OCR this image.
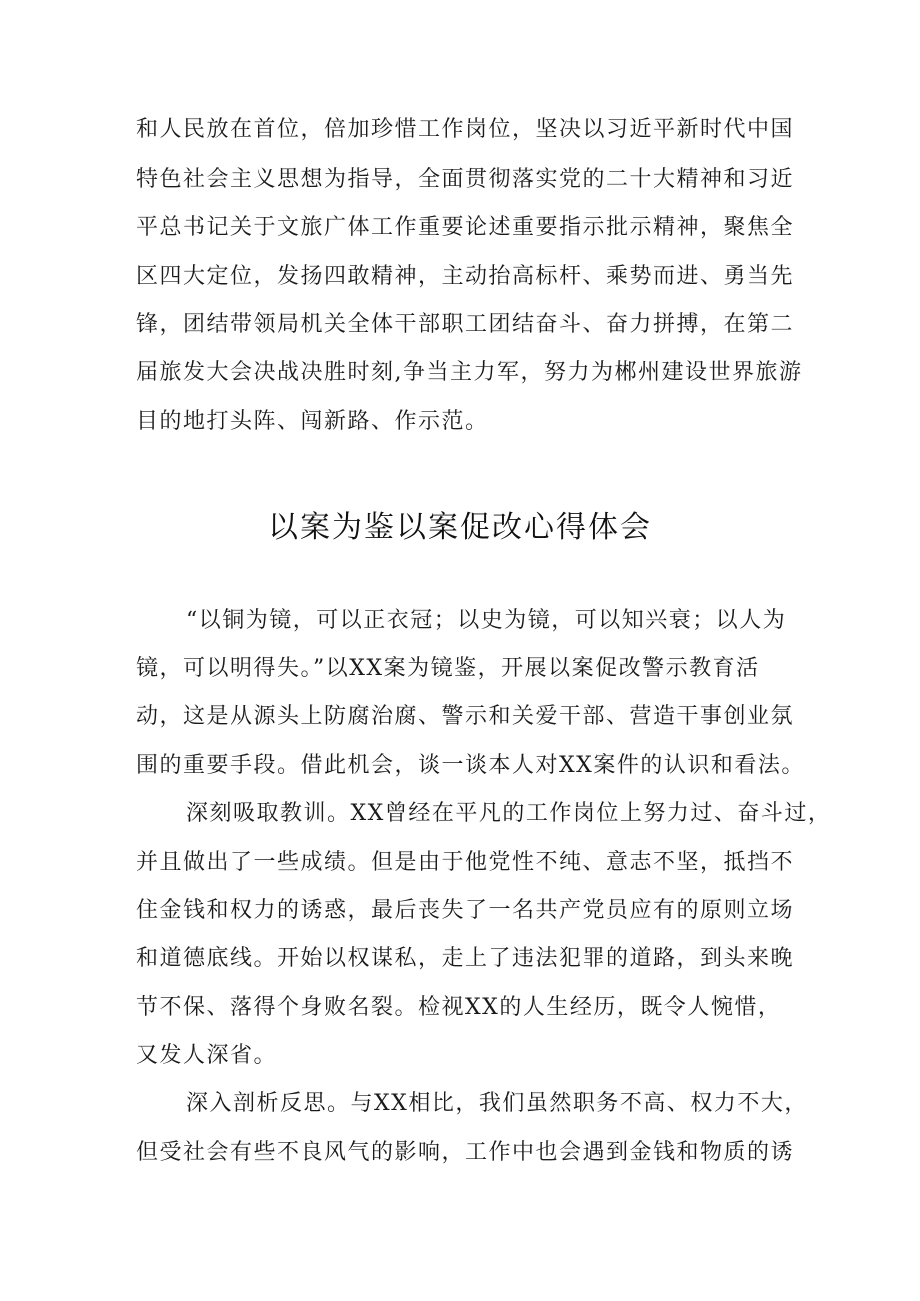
和人民放在首位，倍加珍惜工作岗位，坚决以习近平新时代中国
特色社会主义思想为指导，全面贯彻落实党的二十大精神和习近
平总书记关于文旅广体工作重要论述重要指示批示精神，聚焦全
区四大定位，发扬四敢精神，主动抬高标杆、乘势而进、勇当先
锋，团结带领局机关全体干部职工团结奋斗、奋力拼搏，在第二
届旅发大会决战决胜时刻,争当主力军，努力为郴州建设世界旅游
目的地打头阵、闯新路、作示范。
以案为鉴以案促改心得体会
“以铜为镜，可以正衣冠；以史为镜，可以知兴衰；以人为
镜，可以明得失。”以XX案为镜鉴，开展以案促改警示教育活
动，这是从源头上防腐治腐、警示和关爱干部、营造干事创业氛
围的重要手段。借此机会，谈一谈本人对XX案件的认识和看法。
深刻吸取教训。XX曾经在平凡的工作岗位上努力过、奋斗过，
并且做出了一些成绩。但是由于他党性不纯、意志不坚，抵挡不
住金钱和权力的诱惑，最后丧失了一名共产党员应有的原则立场
和道德底线。开始以权谋私，走上了违法犯罪的道路，到头来晚
节不保、落得个身败名裂。检视XX的人生经历，既令人惋惜，
又发人深省。
深入剖析反思。与XX相比，我们虽然职务不高、权力不大，
但受社会有些不良风气的影响，工作中也会遇到金钱和物质的诱
